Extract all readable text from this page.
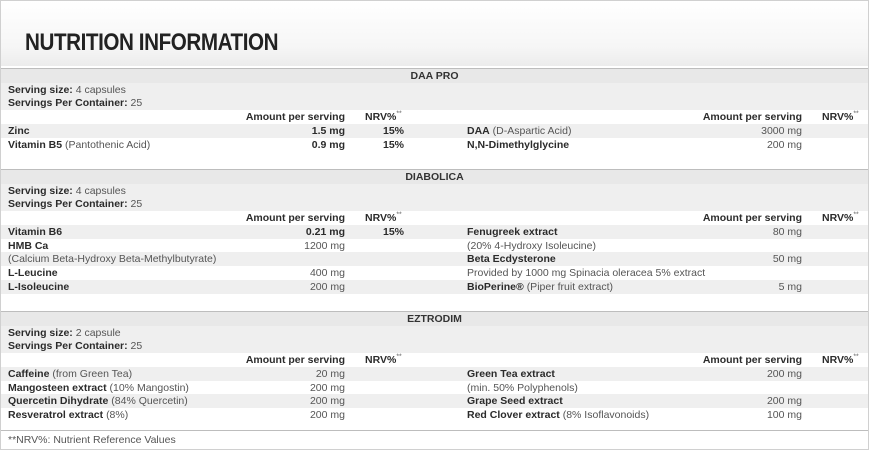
NUTRITION INFORMATION
DAA PRO
Serving size: 4 capsules
Servings Per Container: 25
Amount per serving NRV%**	Amount per serving NRV%**
Zinc	1.5 mg	15%	DAA (D-Aspartic Acid)	3000 mg
Vitamin B5 (Pantothenic Acid)	0.9 mg	15%	N,N-Dimethylglycine	200 mg
DIABOLICA
Serving size: 4 capsules
Servings Per Container: 25
Amount per serving NRV%**	Amount per serving NRV%**
Vitamin B6	0.21 mg	15%	Fenugreek extract	80 mg
HMB Ca	1200 mg	(20% 4-Hydroxy Isoleucine)
(Calcium Beta-Hydroxy Beta-Methylbutyrate)	Beta Ecdysterone	50 mg
L-Leucine	400 mg	Provided by 1000 mg Spinacia oleracea 5% extract
L-Isoleucine	200 mg	BioPerine® (Piper fruit extract)	5 mg
EZTRODIM
Serving size: 2 capsule
Servings Per Container: 25
Amount per serving NRV%**	Amount per serving NRV%**
Caffeine (from Green Tea)	20 mg	Green Tea extract	200 mg
Mangosteen extract (10% Mangostin)	200 mg	(min. 50% Polyphenols)
Quercetin Dihydrate (84% Quercetin)	200 mg	Grape Seed extract	200 mg
Resveratrol extract (8%)	200 mg	Red Clover extract (8% Isoflavonoids)	100 mg
**NRV%: Nutrient Reference Values
